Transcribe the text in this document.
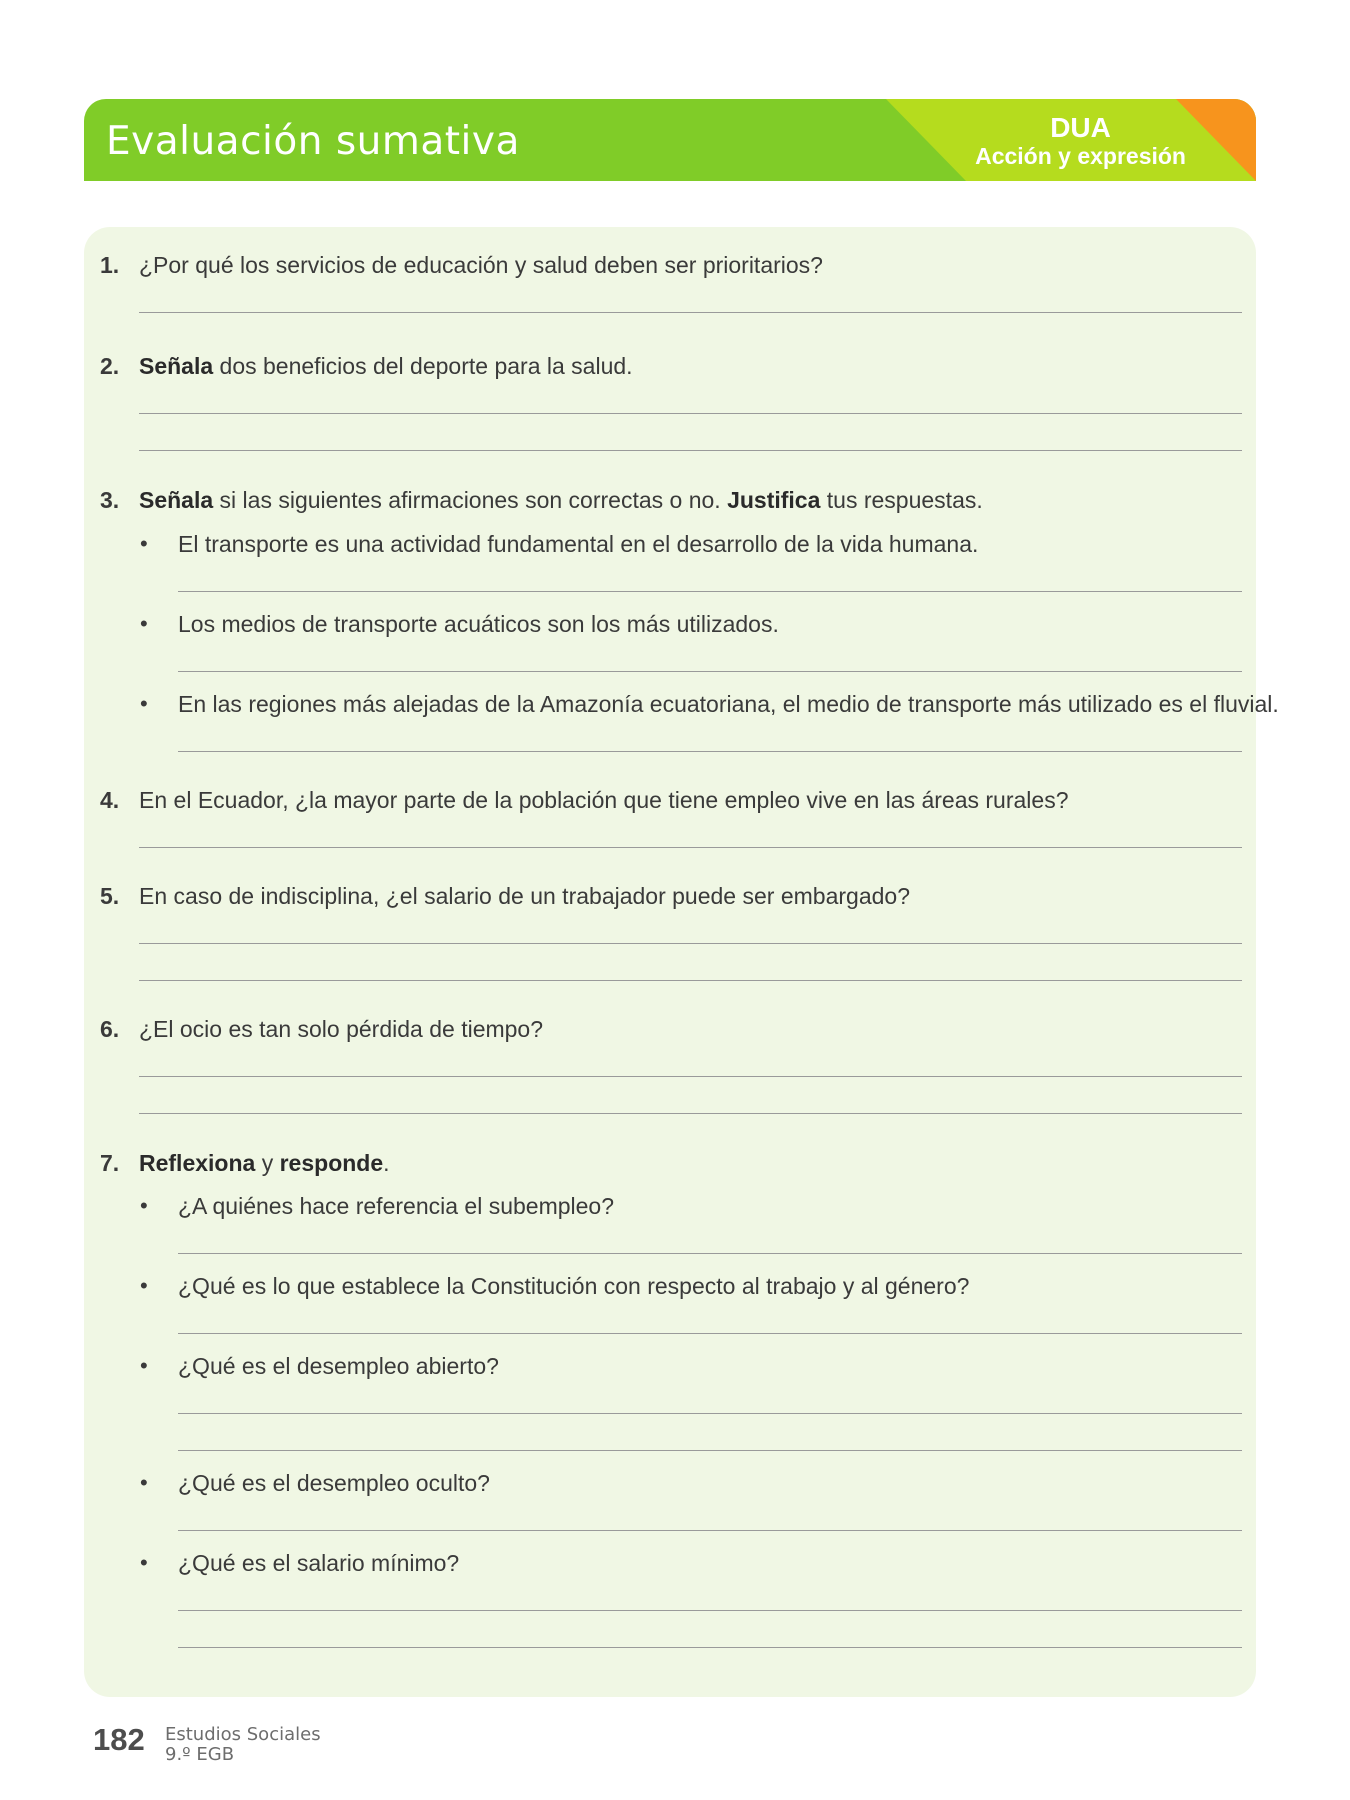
Evaluación sumativa	DUA
Acción y expresión
1. ¿Por qué los servicios de educación y salud deben ser prioritarios?
2. Señala dos beneficios del deporte para la salud.
3. Señala si las siguientes afirmaciones son correctas o no. Justifica tus respuestas.
• El transporte es una actividad fundamental en el desarrollo de la vida humana.
• Los medios de transporte acuáticos son los más utilizados.
• En las regiones más alejadas de la Amazonía ecuatoriana, el medio de transporte más utilizado es el fluvial.
4. En el Ecuador, ¿la mayor parte de la población que tiene empleo vive en las áreas rurales?
5. En caso de indisciplina, ¿el salario de un trabajador puede ser embargado?
6. ¿El ocio es tan solo pérdida de tiempo?
7. Reflexiona y responde.
• ¿A quiénes hace referencia el subempleo?
• ¿Qué es lo que establece la Constitución con respecto al trabajo y al género?
• ¿Qué es el desempleo abierto?
• ¿Qué es el desempleo oculto?
• ¿Qué es el salario mínimo?
182 Estudios Sociales
9.º EGB
